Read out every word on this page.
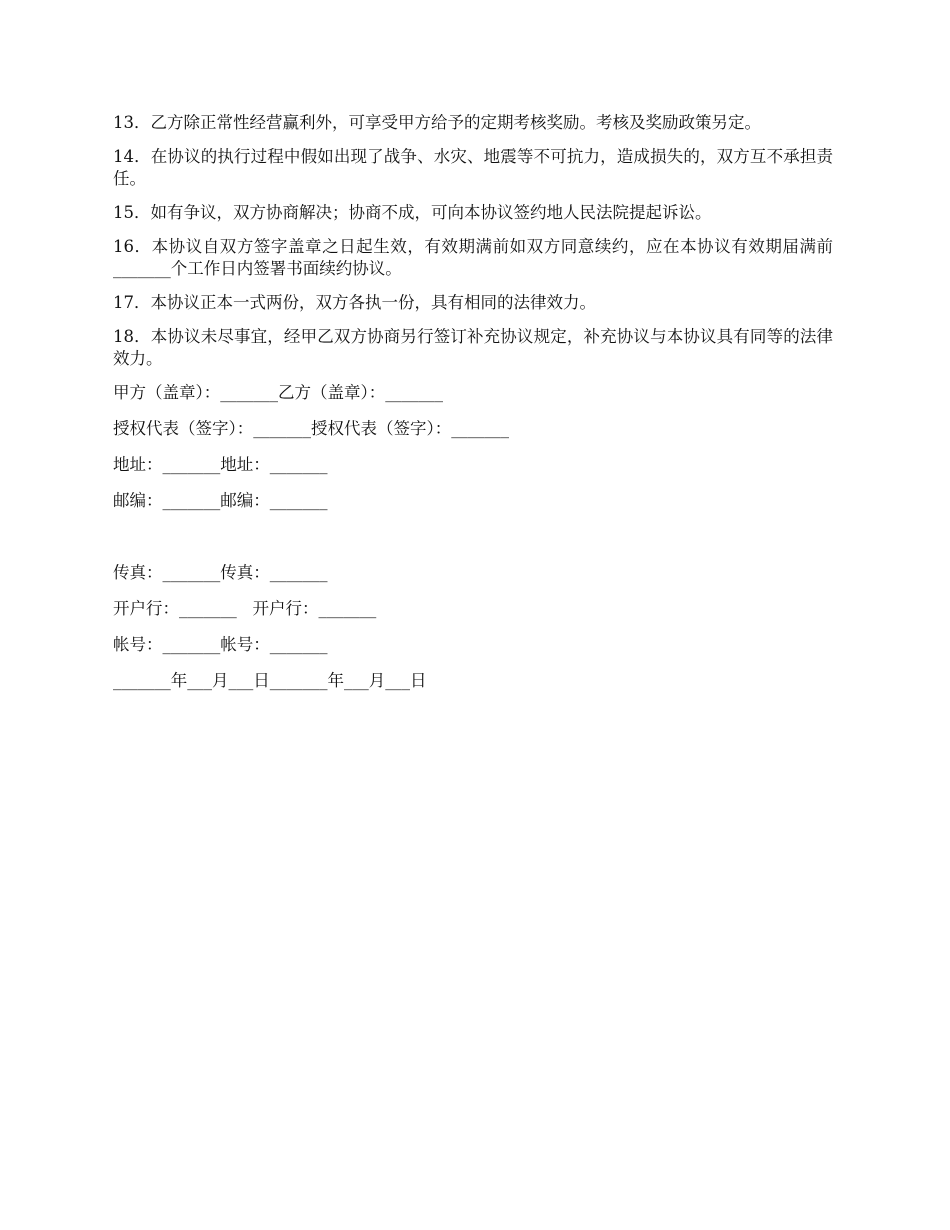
13．乙方除正常性经营赢利外，可享受甲方给予的定期考核奖励。考核及奖励政策另定。

14．在协议的执行过程中假如出现了战争、水灾、地震等不可抗力，造成损失的，双方互不承担责任。

15．如有争议，双方协商解决；协商不成，可向本协议签约地人民法院提起诉讼。

16．本协议自双方签字盖章之日起生效，有效期满前如双方同意续约，应在本协议有效期届满前_______个工作日内签署书面续约协议。

17．本协议正本一式两份，双方各执一份，具有相同的法律效力。

18．本协议未尽事宜，经甲乙双方协商另行签订补充协议规定，补充协议与本协议具有同等的法律效力。

甲方（盖章）：_______乙方（盖章）：_______
授权代表（签字）：_______授权代表（签字）：_______
地址：_______地址：_______
邮编：_______邮编：_______
传真：_______传真：_______
开户行：_______   开户行：_______
帐号：_______帐号：_______
_______年___月___日_______年___月___日
